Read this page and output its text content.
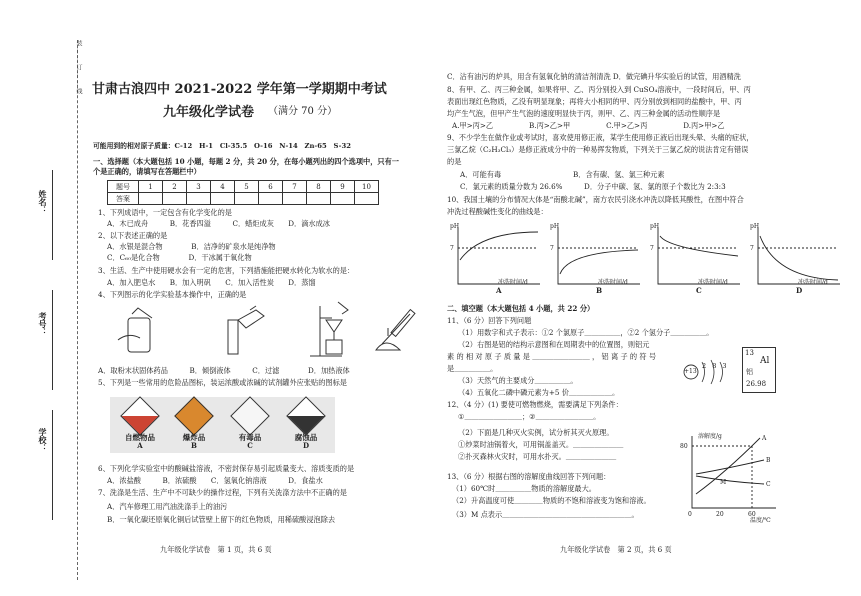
装……订……线
姓名：
考号：
学校：
甘肃古浪四中 2021-2022 学年第一学期期中考试
九年级化学试卷 （满分 70 分）
可能用到的相对原子质量：C-12　H-1　Cl-35.5　O-16　N-14　Zn-65　S-32
一、选择题（本大题包括 10 小题，每题 2 分，共 20 分，在每小题列出的四个选项中，只有一
个是正确的，请填写在答题栏中）
题号	1	2	3	4	5	6	7	8	9	10
答案										
1、下列成语中，一定包含有化学变化的是
A．木已成舟　　　B．花香四溢　　　C．蜡炬成灰　　D．滴水成冰
2、以下表述正确的是
A．水银是混合物　　　　B．洁净的矿泉水是纯净物
C．C₆₀是化合物　　　　D．干冰属于氧化物
3、生活、生产中使用硬水会有一定的危害，下列措施能把硬水转化为软水的是：
A．加入肥皂水　　B．加入明矾　　C．加入活性炭　　D．蒸馏
4、下列图示的化学实验基本操作中，正确的是
A．取粉末状固体药品　　　B．倾倒液体　　　C．过滤　　　　D．加热液体
5、下列是一些常用的危险品图标，装运浓酸或浓碱的试剂罐外应张贴的图标是
自燃物品
A
爆炸品
B
有毒品
C
腐蚀品
D
6、下列化学实验室中的酸碱盐溶液，不密封保存易引起质量变大、溶质变质的是
A．浓盐酸　　　B．浓硫酸　　C．氢氧化钠溶液　　　D．食盐水
7、洗涤是生活、生产中不可缺少的操作过程，下列有关洗涤方法中不正确的是
A．汽车修理工用汽油洗涤手上的油污
B．一氧化碳还原氧化铜后试管壁上留下的红色物质，用稀硫酸浸泡除去
九年级化学试卷　第 1 页，共 6 页
C．沾有油污的炉具，用含有氢氧化钠的清洁剂清洗 D．做完碘升华实验后的试管，用酒精洗
8、有甲、乙、丙三种金属，如果将甲、乙、丙分别投入到 CuSO₄溶液中，一段时间后，甲、丙
表面出现红色物质，乙没有明显现象；再将大小相同的甲、丙分别放到相同的盐酸中，甲、丙
均产生气泡，但甲产生气泡的速度明显快于丙，则甲、乙、丙三种金属的活动性顺序是
A.甲>丙>乙　　　　　B.丙>乙>甲　　　　　C.甲>乙>丙　　　　　D.丙>甲>乙
9、不少学生在做作业或考试时，喜欢使用修正液，某学生使用修正液后出现头晕、头痛的症状，
三氯乙烷（C₂H₃Cl₃）是修正液成分中的一种易挥发物质，下列关于三氯乙烷的说法肯定有错误
的是
A．可能有毒　　　　　　　　　　B．含有碳、氢、氯三种元素
C．氯元素的质量分数为 26.6%　　　D．分子中碳、氢、氯的原子个数比为 2:3:3
10、我国土壤的分布情况大体是“南酸北碱”，南方农民引浇水冲洗以降低其酸性，在图中符合
冲洗过程酸碱性变化的曲线是：
pH
7
冲洗时间/d
A
pH
7
冲洗时间/d
B
pH
7
冲洗时间/d
C
pH
7
冲洗时间/d
D
二、填空题（本大题包括 4 小题，共 22 分）
11、（6 分）回答下列问题
（1）用数字和式子表示：①2 个氯原子＿＿＿＿＿，②2 个氢分子＿＿＿＿＿。
（2）右图是铝的结构示意图和在周期表中的位置图，则铝元
素 的 相 对 原 子 质 量 是 ＿＿＿＿＿＿＿＿ ， 铝 离 子 的 符 号
是＿＿＿＿＿。
（3）天然气的主要成分＿＿＿＿＿。
（4）五氧化二磷中磷元素为+5 价＿＿＿＿＿＿。
+13
2 8 3
13
Al
铝
26.98
12、（4 分）(1) 要使可燃物燃烧，需要满足下列条件：
①＿＿＿＿＿＿＿＿；②＿＿＿＿＿＿＿＿。
（2）下面是几种灭火实例，试分析其灭火原理。
①炒菜时油锅着火，可用锅盖盖灭。＿＿＿＿＿＿＿
②扑灭森林火灾时，可用水扑灭。＿＿＿＿＿＿＿
13、（6 分）根据右图的溶解度曲线回答下列问题：
（1）60℃时＿＿＿＿＿物质的溶解度最大。
（2）升高温度可使＿＿＿＿物质的不饱和溶液变为饱和溶液。
（3）M 点表示＿＿＿＿＿＿＿＿＿＿＿＿＿＿＿＿＿＿。
溶解度/g
80
0	20	60
温度/℃
A
B
C
M
九年级化学试卷　第 2 页，共 6 页
